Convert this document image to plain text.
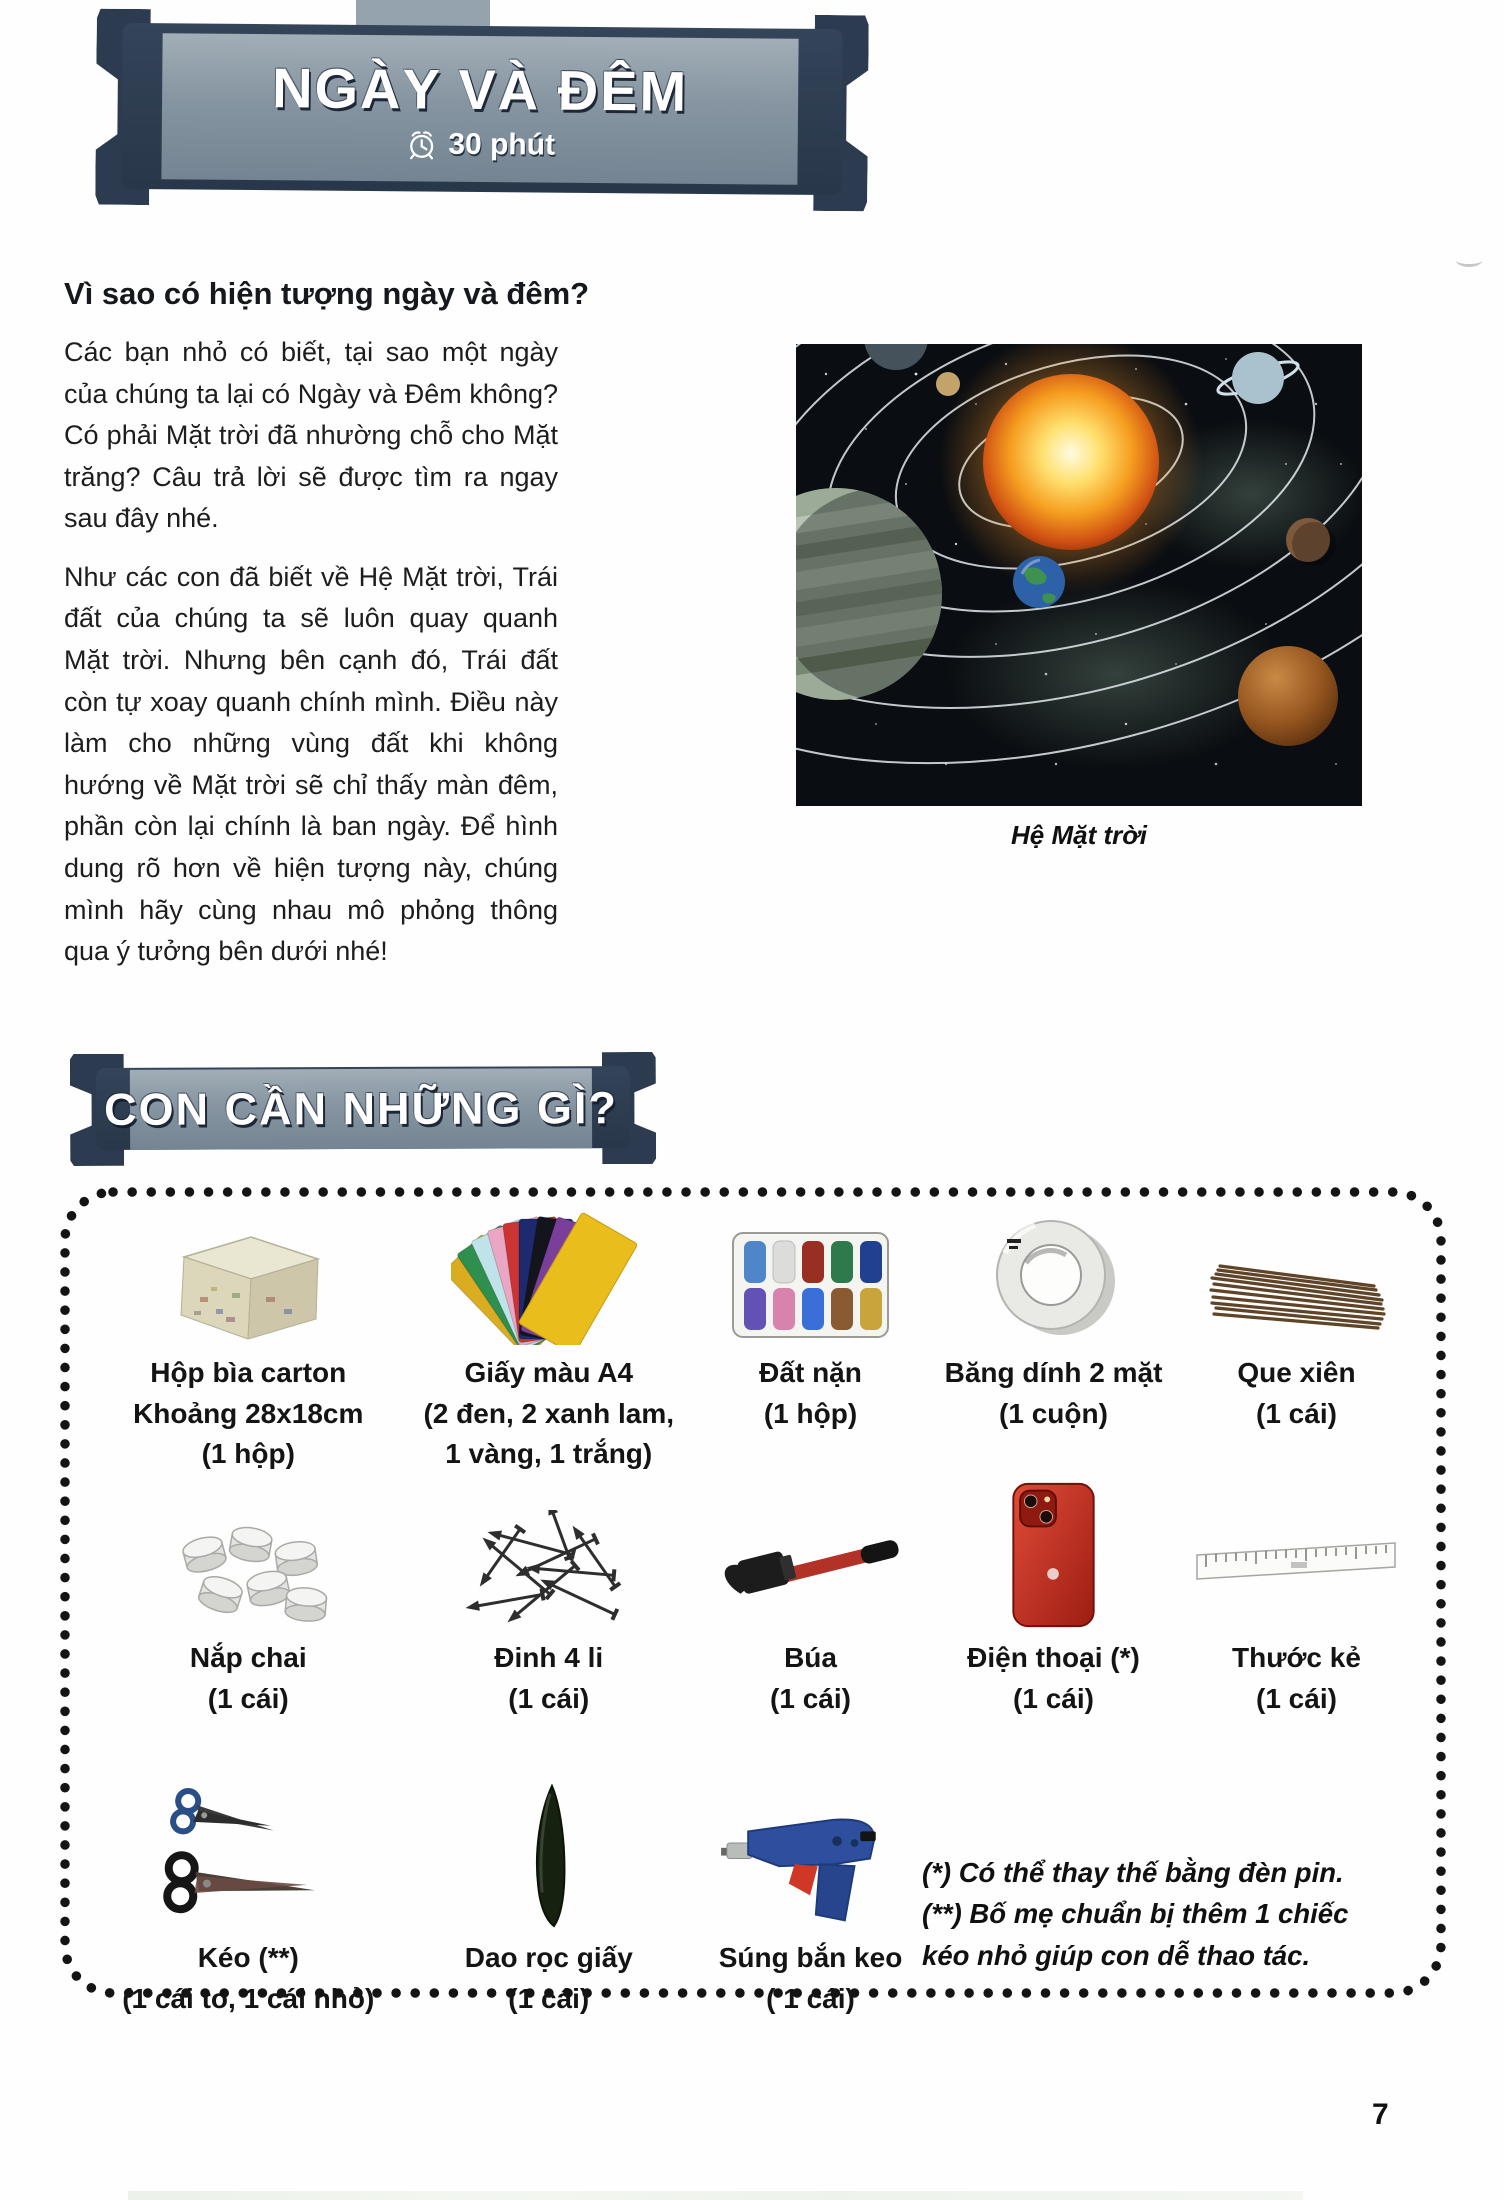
NGÀY VÀ ĐÊM
30 phút
Vì sao có hiện tượng ngày và đêm?
Hệ Mặt trời

Các bạn nhỏ có biết, tại sao một ngày của chúng ta lại có Ngày và Đêm không? Có phải Mặt trời đã nhường chỗ cho Mặt trăng? Câu trả lời sẽ được tìm ra ngay sau đây nhé.

Như các con đã biết về Hệ Mặt trời, Trái đất của chúng ta sẽ luôn quay quanh Mặt trời. Nhưng bên cạnh đó, Trái đất còn tự xoay quanh chính mình. Điều này làm cho những vùng đất khi không hướng về Mặt trời sẽ chỉ thấy màn đêm, phần còn lại chính là ban ngày. Để hình dung rõ hơn về hiện tượng này, chúng mình hãy cùng nhau mô phỏng thông qua ý tưởng bên dưới nhé!

CON CẦN NHỮNG GÌ?
Hộp bìa carton
Khoảng 28x18cm
(1 hộp)
Giấy màu A4
(2 đen, 2 xanh lam,
1 vàng, 1 trắng)
Đất nặn
(1 hộp)
Băng dính 2 mặt
(1 cuộn)
Que xiên
(1 cái)
Nắp chai
(1 cái)
Đinh 4 li
(1 cái)
Búa
(1 cái)
Điện thoại (*)
(1 cái)
Thước kẻ
(1 cái)
Kéo (**)
(1 cái to, 1 cái nhỏ)
Dao rọc giấy
(1 cái)
Súng bắn keo
( 1 cái)
(*) Có thể thay thế bằng đèn pin.
(**) Bố mẹ chuẩn bị thêm 1 chiếc kéo nhỏ giúp con dễ thao tác.
7
